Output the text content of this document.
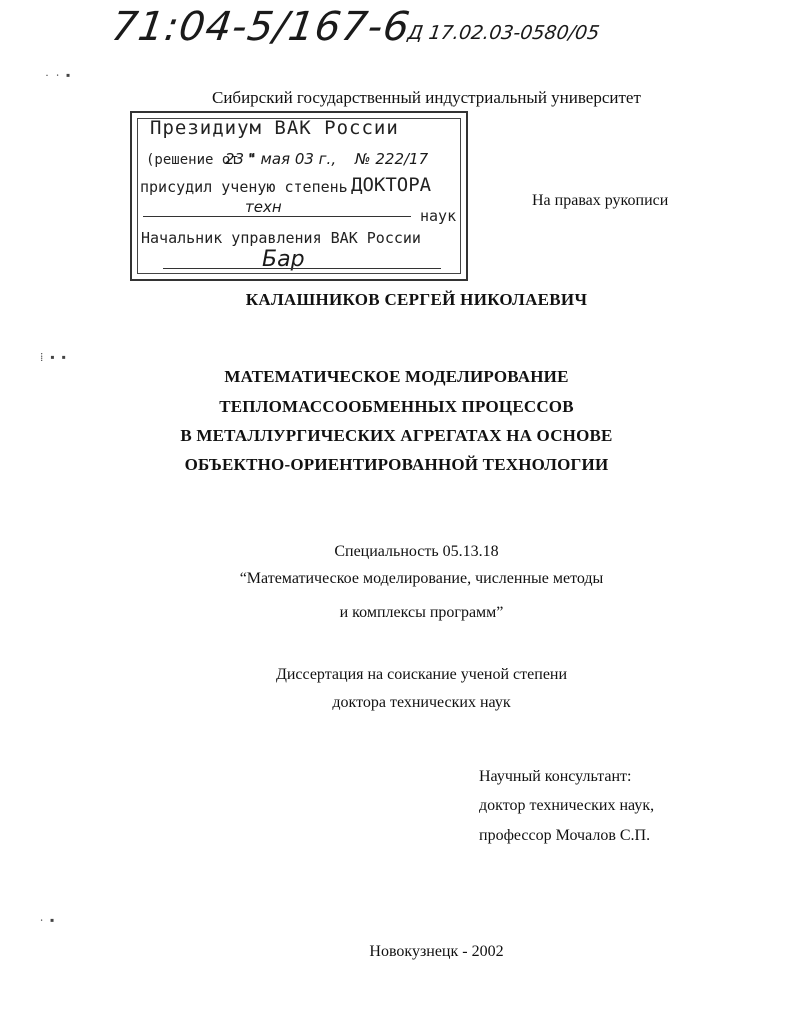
71:04-5/167-6
Д 17.02.03-0580/05
· ∙ ▪
⁞ ▪ ▪
∙ ▪
Сибирский государственный индустриальный университет
Президиум ВАК России
(решение от "
23 " мая 03 г., № 222/17
присудил ученую степень ДОКТОРА
техн	наук
Начальник управления ВАК России
Бар
На правах рукописи
КАЛАШНИКОВ СЕРГЕЙ НИКОЛАЕВИЧ
МАТЕМАТИЧЕСКОЕ МОДЕЛИРОВАНИЕ
ТЕПЛОМАССООБМЕННЫХ ПРОЦЕССОВ
В МЕТАЛЛУРГИЧЕСКИХ АГРЕГАТАХ НА ОСНОВЕ
ОБЪЕКТНО-ОРИЕНТИРОВАННОЙ ТЕХНОЛОГИИ
Специальность 05.13.18
“Математическое моделирование, численные методы
и комплексы программ”
Диссертация на соискание ученой степени
доктора технических наук
Научный консультант:
доктор технических наук,
профессор Мочалов С.П.
Новокузнецк - 2002
